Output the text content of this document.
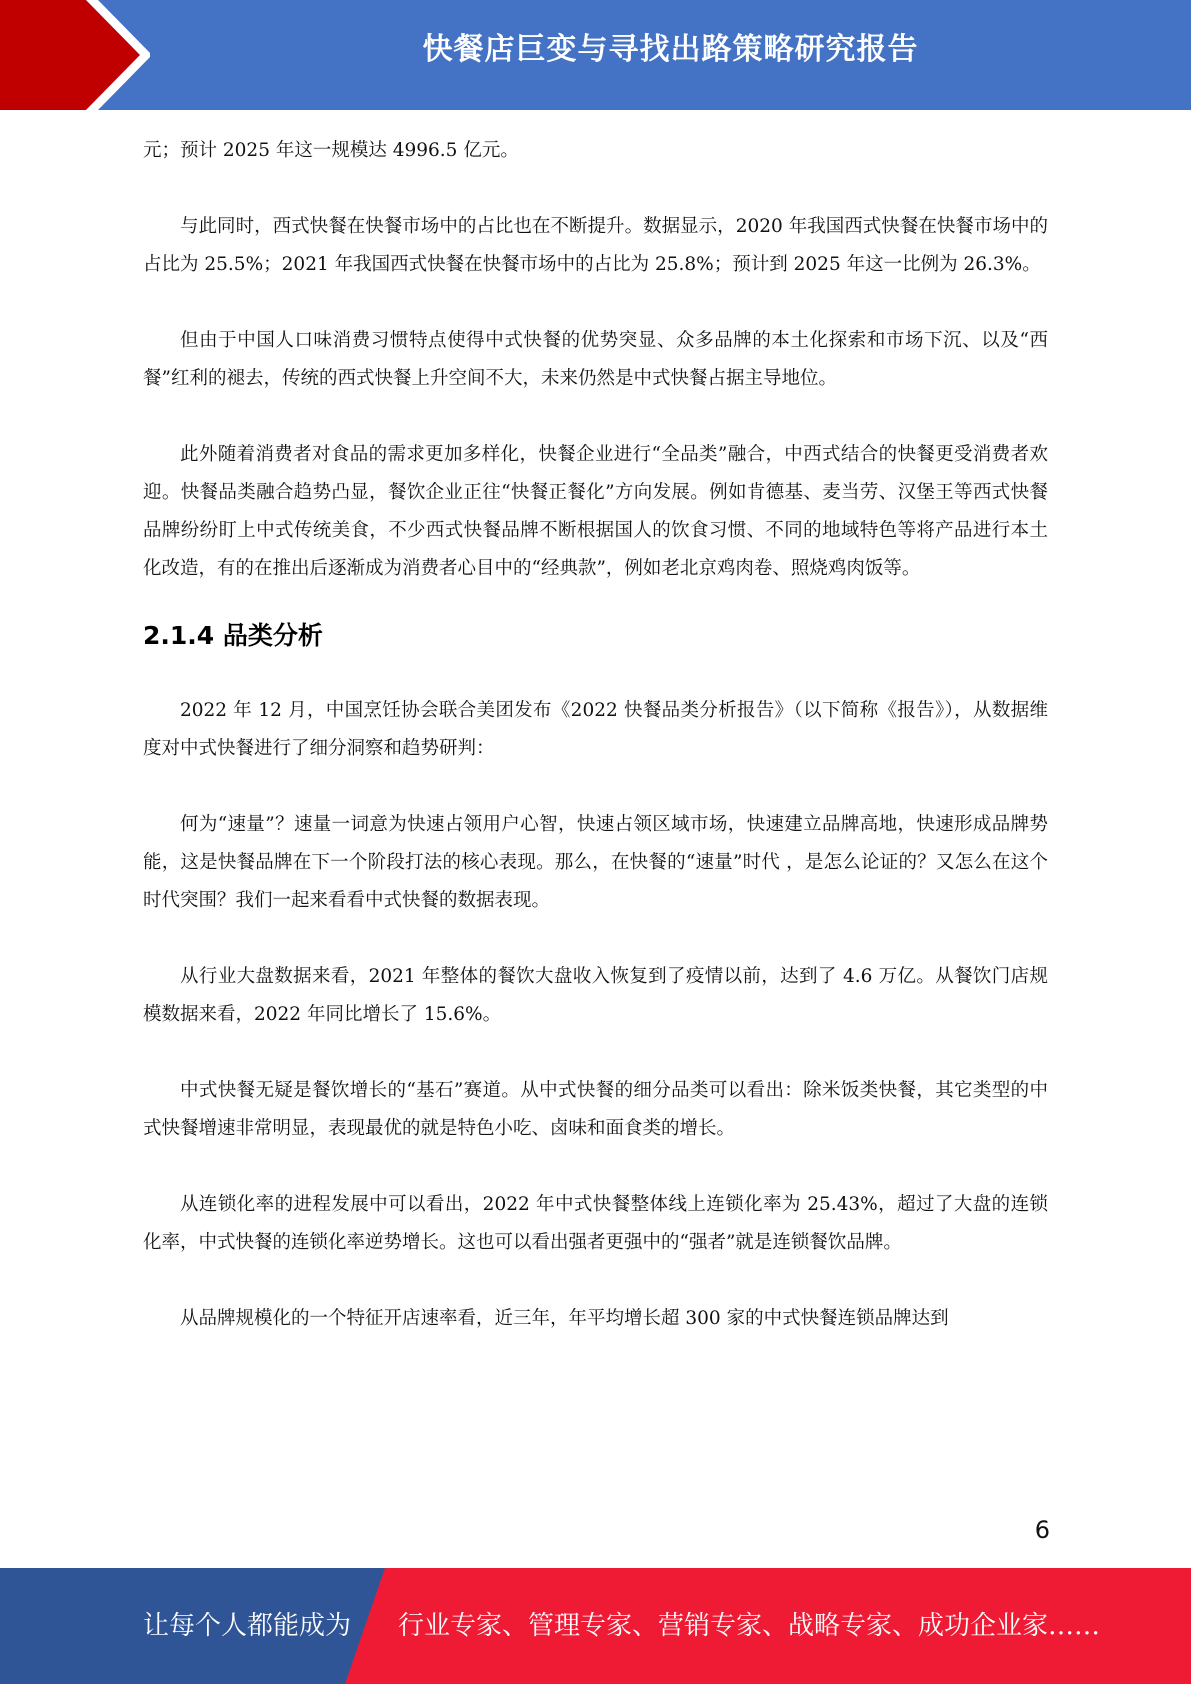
快餐店巨变与寻找出路策略研究报告

元；预计 2025 年这一规模达 4996.5 亿元。

与此同时，西式快餐在快餐市场中的占比也在不断提升。数据显示，2020 年我国西式快餐在快餐市场中的占比为 25.5%；2021 年我国西式快餐在快餐市场中的占比为 25.8%；预计到 2025 年这一比例为 26.3%。

但由于中国人口味消费习惯特点使得中式快餐的优势突显、众多品牌的本土化探索和市场下沉、以及“西餐”红利的褪去，传统的西式快餐上升空间不大，未来仍然是中式快餐占据主导地位。

此外随着消费者对食品的需求更加多样化，快餐企业进行“全品类”融合，中西式结合的快餐更受消费者欢迎。快餐品类融合趋势凸显，餐饮企业正往“快餐正餐化”方向发展。例如肯德基、麦当劳、汉堡王等西式快餐品牌纷纷盯上中式传统美食，不少西式快餐品牌不断根据国人的饮食习惯、不同的地域特色等将产品进行本土化改造，有的在推出后逐渐成为消费者心目中的“经典款”，例如老北京鸡肉卷、照烧鸡肉饭等。

2.1.4 品类分析

2022 年 12 月，中国烹饪协会联合美团发布《2022 快餐品类分析报告》（以下简称《报告》），从数据维度对中式快餐进行了细分洞察和趋势研判：

何为“速量”？速量一词意为快速占领用户心智，快速占领区域市场，快速建立品牌高地，快速形成品牌势能，这是快餐品牌在下一个阶段打法的核心表现。那么，在快餐的“速量”时代 ，是怎么论证的？又怎么在这个时代突围？我们一起来看看中式快餐的数据表现。

从行业大盘数据来看，2021 年整体的餐饮大盘收入恢复到了疫情以前，达到了 4.6 万亿。从餐饮门店规模数据来看，2022 年同比增长了 15.6%。

中式快餐无疑是餐饮增长的“基石”赛道。从中式快餐的细分品类可以看出：除米饭类快餐，其它类型的中式快餐增速非常明显，表现最优的就是特色小吃、卤味和面食类的增长。

从连锁化率的进程发展中可以看出，2022 年中式快餐整体线上连锁化率为 25.43%，超过了大盘的连锁化率，中式快餐的连锁化率逆势增长。这也可以看出强者更强中的“强者”就是连锁餐饮品牌。

从品牌规模化的一个特征开店速率看，近三年，年平均增长超 300 家的中式快餐连锁品牌达到

6
让每个人都能成为 行业专家、管理专家、营销专家、战略专家、成功企业家……
